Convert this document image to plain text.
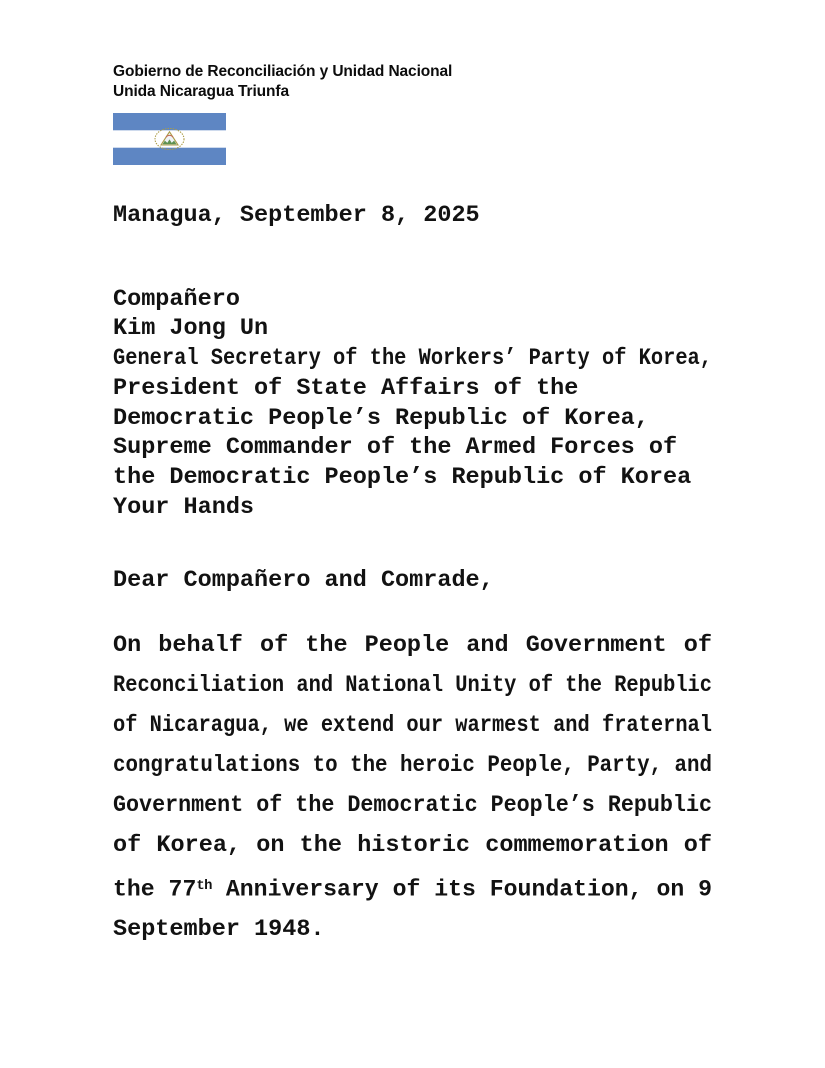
Gobierno de Reconciliación y Unidad Nacional
Unida Nicaragua Triunfa
Managua, September 8, 2025
Compañero
Kim Jong Un
General Secretary of the Workers’ Party of Korea,
President of State Affairs of the
Democratic People’s Republic of Korea,
Supreme Commander of the Armed Forces of
the Democratic People’s Republic of Korea
Your Hands
Dear Compañero and Comrade,
On behalf of the People and Government of
Reconciliation and National Unity of the Republic
of Nicaragua, we extend our warmest and fraternal
congratulations to the heroic People, Party, and
Government of the Democratic People’s Republic
of Korea, on the historic commemoration of
the 77th Anniversary of its Foundation, on 9
September 1948.
